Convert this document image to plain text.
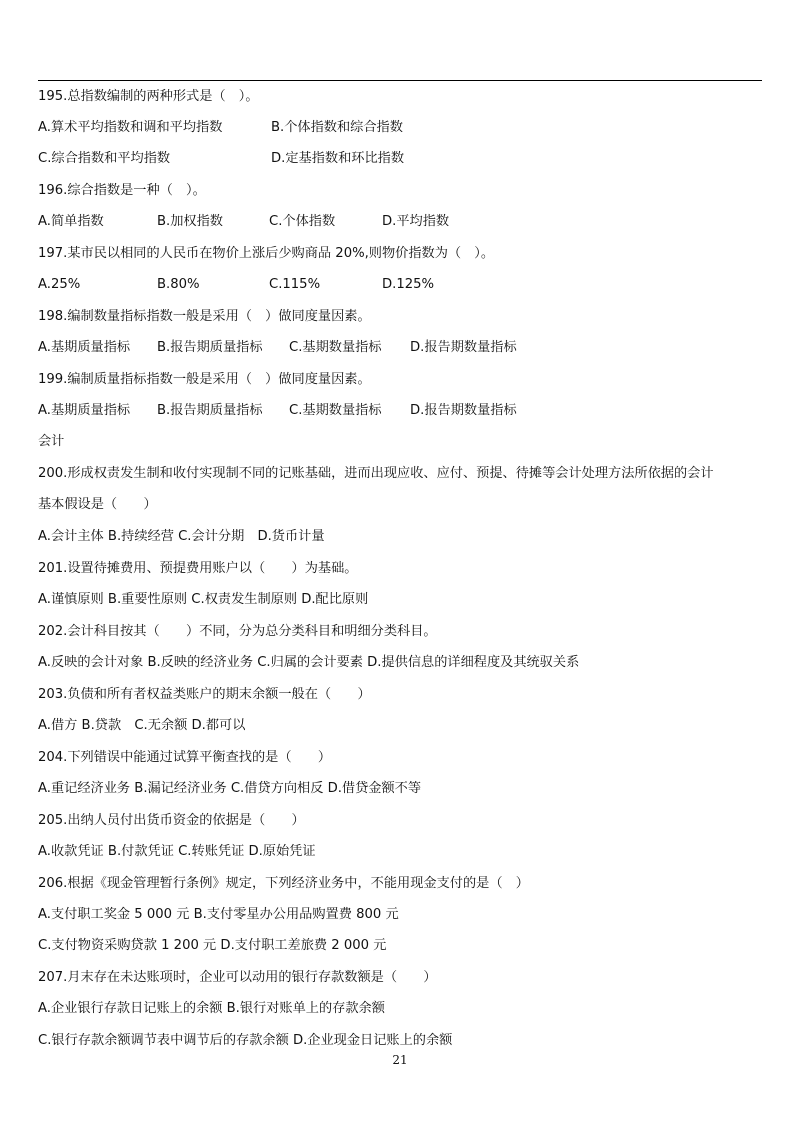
195.总指数编制的两种形式是（　）。
A.算术平均指数和调和平均指数	B.个体指数和综合指数
C.综合指数和平均指数	D.定基指数和环比指数
196.综合指数是一种（　）。
A.简单指数	B.加权指数	C.个体指数	D.平均指数
197.某市民以相同的人民币在物价上涨后少购商品 20%,则物价指数为（　）。
A.25%	B.80%	C.115%	D.125%
198.编制数量指标指数一般是采用（　）做同度量因素。
A.基期质量指标 B.报告期质量指标 C.基期数量指标 D.报告期数量指标
199.编制质量指标指数一般是采用（　）做同度量因素。
A.基期质量指标 B.报告期质量指标 C.基期数量指标 D.报告期数量指标
会计
200.形成权责发生制和收付实现制不同的记账基础，进而出现应收、应付、预提、待摊等会计处理方法所依据的会计
基本假设是（　　）
A.会计主体 B.持续经营 C.会计分期　D.货币计量
201.设置待摊费用、预提费用账户以（　　）为基础。
A.谨慎原则 B.重要性原则 C.权责发生制原则 D.配比原则
202.会计科目按其（　　）不同，分为总分类科目和明细分类科目。
A.反映的会计对象 B.反映的经济业务 C.归属的会计要素 D.提供信息的详细程度及其统驭关系
203.负债和所有者权益类账户的期末余额一般在（　　）
A.借方 B.贷款　C.无余额 D.都可以
204.下列错误中能通过试算平衡查找的是（　　）
A.重记经济业务 B.漏记经济业务 C.借贷方向相反 D.借贷金额不等
205.出纳人员付出货币资金的依据是（　　）
A.收款凭证 B.付款凭证 C.转账凭证 D.原始凭证
206.根据《现金管理暂行条例》规定，下列经济业务中，不能用现金支付的是（　）
A.支付职工奖金 5 000 元 B.支付零星办公用品购置费 800 元
C.支付物资采购贷款 1 200 元 D.支付职工差旅费 2 000 元
207.月末存在未达账项时，企业可以动用的银行存款数额是（　　）
A.企业银行存款日记账上的余额 B.银行对账单上的存款余额
C.银行存款余额调节表中调节后的存款余额 D.企业现金日记账上的余额
21
